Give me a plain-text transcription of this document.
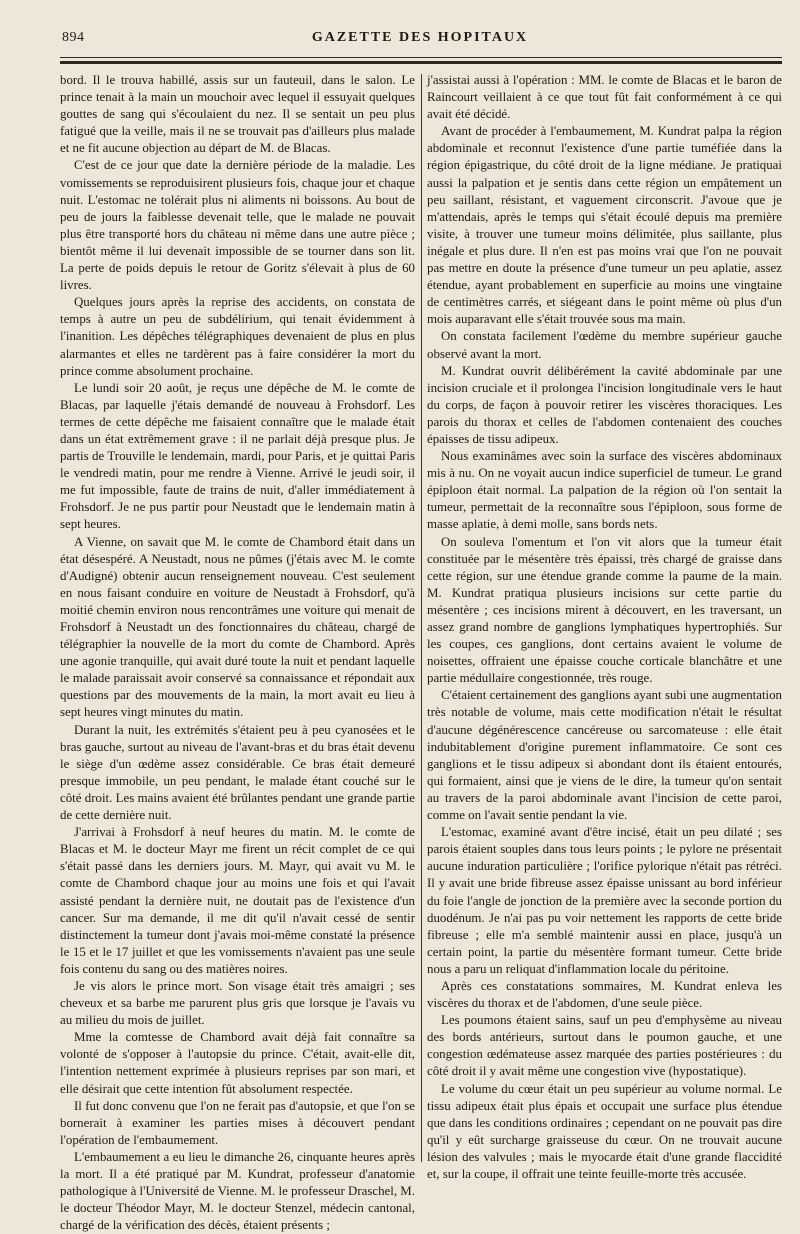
894	GAZETTE DES HOPITAUX

bord. Il le trouva habillé, assis sur un fauteuil, dans le salon. Le prince tenait à la main un mouchoir avec lequel il essuyait quelques gouttes de sang qui s'écoulaient du nez. Il se sentait un peu plus fatigué que la veille, mais il ne se trouvait pas d'ailleurs plus malade et ne fit aucune objection au départ de M. de Blacas.

C'est de ce jour que date la dernière période de la maladie. Les vomissements se reproduisirent plusieurs fois, chaque jour et chaque nuit. L'estomac ne tolérait plus ni aliments ni boissons. Au bout de peu de jours la faiblesse devenait telle, que le malade ne pouvait plus être transporté hors du château ni même dans une autre pièce ; bientôt même il lui devenait impossible de se tourner dans son lit. La perte de poids depuis le retour de Goritz s'élevait à plus de 60 livres.

Quelques jours après la reprise des accidents, on constata de temps à autre un peu de subdélirium, qui tenait évidemment à l'inanition. Les dépêches télégraphiques devenaient de plus en plus alarmantes et elles ne tardèrent pas à faire considérer la mort du prince comme absolument prochaine.

Le lundi soir 20 août, je reçus une dépêche de M. le comte de Blacas, par laquelle j'étais demandé de nouveau à Frohsdorf. Les termes de cette dépêche me faisaient connaître que le malade était dans un état extrêmement grave : il ne parlait déjà presque plus. Je partis de Trouville le lendemain, mardi, pour Paris, et je quittai Paris le vendredi matin, pour me rendre à Vienne. Arrivé le jeudi soir, il me fut impossible, faute de trains de nuit, d'aller immédiatement à Frohsdorf. Je ne pus partir pour Neustadt que le lendemain matin à sept heures.

A Vienne, on savait que M. le comte de Chambord était dans un état désespéré. A Neustadt, nous ne pûmes (j'étais avec M. le comte d'Audigné) obtenir aucun renseignement nouveau. C'est seulement en nous faisant conduire en voiture de Neustadt à Frohsdorf, qu'à moitié chemin environ nous rencontrâmes une voiture qui menait de Frohsdorf à Neustadt un des fonctionnaires du château, chargé de télégraphier la nouvelle de la mort du comte de Chambord. Après une agonie tranquille, qui avait duré toute la nuit et pendant laquelle le malade paraissait avoir conservé sa connaissance et répondait aux questions par des mouvements de la main, la mort avait eu lieu à sept heures vingt minutes du matin.

Durant la nuit, les extrémités s'étaient peu à peu cyanosées et le bras gauche, surtout au niveau de l'avant-bras et du bras était devenu le siège d'un œdème assez considérable. Ce bras était demeuré presque immobile, un peu pendant, le malade étant couché sur le côté droit. Les mains avaient été brûlantes pendant une grande partie de cette dernière nuit.

J'arrivai à Frohsdorf à neuf heures du matin. M. le comte de Blacas et M. le docteur Mayr me firent un récit complet de ce qui s'était passé dans les derniers jours. M. Mayr, qui avait vu M. le comte de Chambord chaque jour au moins une fois et qui l'avait assisté pendant la dernière nuit, ne doutait pas de l'existence d'un cancer. Sur ma demande, il me dit qu'il n'avait cessé de sentir distinctement la tumeur dont j'avais moi-même constaté la présence le 15 et le 17 juillet et que les vomissements n'avaient pas une seule fois contenu du sang ou des matières noires.

Je vis alors le prince mort. Son visage était très amaigri ; ses cheveux et sa barbe me parurent plus gris que lorsque je l'avais vu au milieu du mois de juillet.

Mme la comtesse de Chambord avait déjà fait connaître sa volonté de s'opposer à l'autopsie du prince. C'était, avait-elle dit, l'intention nettement exprimée à plusieurs reprises par son mari, et elle désirait que cette intention fût absolument respectée.

Il fut donc convenu que l'on ne ferait pas d'autopsie, et que l'on se bornerait à examiner les parties mises à découvert pendant l'opération de l'embaumement.

L'embaumement a eu lieu le dimanche 26, cinquante heures après la mort. Il a été pratiqué par M. Kundrat, professeur d'anatomie pathologique à l'Université de Vienne. M. le professeur Draschel, M. le docteur Théodor Mayr, M. le docteur Stenzel, médecin cantonal, chargé de la vérification des décès, étaient présents ;

j'assistai aussi à l'opération : MM. le comte de Blacas et le baron de Raincourt veillaient à ce que tout fût fait conformément à ce qui avait été décidé.

Avant de procéder à l'embaumement, M. Kundrat palpa la région abdominale et reconnut l'existence d'une partie tuméfiée dans la région épigastrique, du côté droit de la ligne médiane. Je pratiquai aussi la palpation et je sentis dans cette région un empâtement un peu saillant, résistant, et vaguement circonscrit. J'avoue que je m'attendais, après le temps qui s'était écoulé depuis ma première visite, à trouver une tumeur moins délimitée, plus saillante, plus inégale et plus dure. Il n'en est pas moins vrai que l'on ne pouvait pas mettre en doute la présence d'une tumeur un peu aplatie, assez étendue, ayant probablement en superficie au moins une vingtaine de centimètres carrés, et siégeant dans le point même où plus d'un mois auparavant elle s'était trouvée sous ma main.

On constata facilement l'œdème du membre supérieur gauche observé avant la mort.

M. Kundrat ouvrit délibérément la cavité abdominale par une incision cruciale et il prolongea l'incision longitudinale vers le haut du corps, de façon à pouvoir retirer les viscères thoraciques. Les parois du thorax et celles de l'abdomen contenaient des couches épaisses de tissu adipeux.

Nous examinâmes avec soin la surface des viscères abdominaux mis à nu. On ne voyait aucun indice superficiel de tumeur. Le grand épiploon était normal. La palpation de la région où l'on sentait la tumeur, permettait de la reconnaître sous l'épiploon, sous forme de masse aplatie, à demi molle, sans bords nets.

On souleva l'omentum et l'on vit alors que la tumeur était constituée par le mésentère très épaissi, très chargé de graisse dans cette région, sur une étendue grande comme la paume de la main. M. Kundrat pratiqua plusieurs incisions sur cette partie du mésentère ; ces incisions mirent à découvert, en les traversant, un assez grand nombre de ganglions lymphatiques hypertrophiés. Sur les coupes, ces ganglions, dont certains avaient le volume de noisettes, offraient une épaisse couche corticale blanchâtre et une partie médullaire congestionnée, très rouge.

C'étaient certainement des ganglions ayant subi une augmentation très notable de volume, mais cette modification n'était le résultat d'aucune dégénérescence cancéreuse ou sarcomateuse : elle était indubitablement d'origine purement inflammatoire. Ce sont ces ganglions et le tissu adipeux si abondant dont ils étaient entourés, qui formaient, ainsi que je viens de le dire, la tumeur qu'on sentait au travers de la paroi abdominale avant l'incision de cette paroi, comme on l'avait sentie pendant la vie.

L'estomac, examiné avant d'être incisé, était un peu dilaté ; ses parois étaient souples dans tous leurs points ; le pylore ne présentait aucune induration particulière ; l'orifice pylorique n'était pas rétréci. Il y avait une bride fibreuse assez épaisse unissant au bord inférieur du foie l'angle de jonction de la première avec la seconde portion du duodénum. Je n'ai pas pu voir nettement les rapports de cette bride fibreuse ; elle m'a semblé maintenir aussi en place, jusqu'à un certain point, la partie du mésentère formant tumeur. Cette bride nous a paru un reliquat d'inflammation locale du péritoine.

Après ces constatations sommaires, M. Kundrat enleva les viscères du thorax et de l'abdomen, d'une seule pièce.

Les poumons étaient sains, sauf un peu d'emphysème au niveau des bords antérieurs, surtout dans le poumon gauche, et une congestion œdémateuse assez marquée des parties postérieures : du côté droit il y avait même une congestion vive (hypostatique).

Le volume du cœur était un peu supérieur au volume normal. Le tissu adipeux était plus épais et occupait une surface plus étendue que dans les conditions ordinaires ; cependant on ne pouvait pas dire qu'il y eût surcharge graisseuse du cœur. On ne trouvait aucune lésion des valvules ; mais le myocarde était d'une grande flaccidité et, sur la coupe, il offrait une teinte feuille-morte très accusée.
